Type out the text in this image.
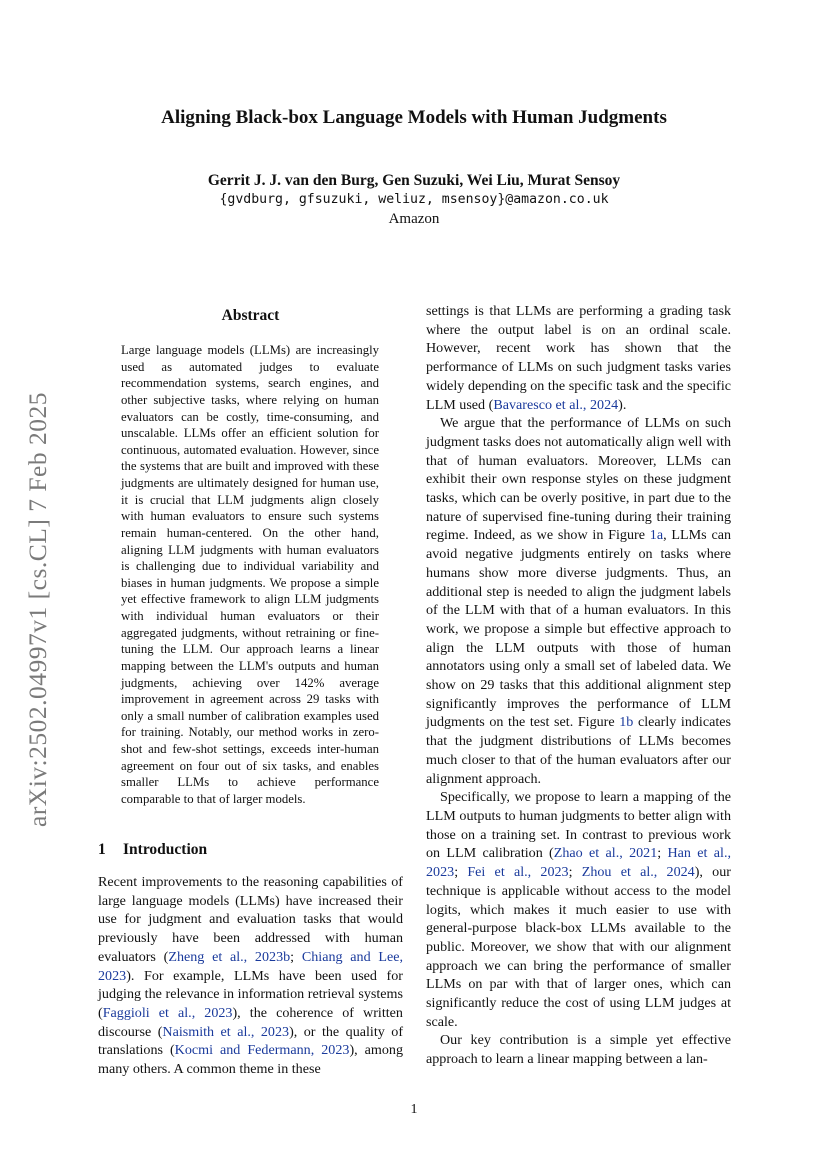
arXiv:2502.04997v1 [cs.CL] 7 Feb 2025
Aligning Black-box Language Models with Human Judgments
Gerrit J. J. van den Burg, Gen Suzuki, Wei Liu, Murat Sensoy
{gvdburg, gfsuzuki, weliuz, msensoy}@amazon.co.uk
Amazon
Abstract

Large language models (LLMs) are increasingly used as automated judges to evaluate recommendation systems, search engines, and other subjective tasks, where relying on human evaluators can be costly, time-consuming, and unscalable. LLMs offer an efficient solution for continuous, automated evaluation. However, since the systems that are built and improved with these judgments are ultimately designed for human use, it is crucial that LLM judgments align closely with human evaluators to ensure such systems remain human-centered. On the other hand, aligning LLM judgments with human evaluators is challenging due to individual variability and biases in human judgments. We propose a simple yet effective framework to align LLM judgments with individual human evaluators or their aggregated judgments, without retraining or fine-tuning the LLM. Our approach learns a linear mapping between the LLM's outputs and human judgments, achieving over 142% average improvement in agreement across 29 tasks with only a small number of calibration examples used for training. Notably, our method works in zero-shot and few-shot settings, exceeds inter-human agreement on four out of six tasks, and enables smaller LLMs to achieve performance comparable to that of larger models.

1 Introduction

Recent improvements to the reasoning capabilities of large language models (LLMs) have increased their use for judgment and evaluation tasks that would previously have been addressed with human evaluators (Zheng et al., 2023b; Chiang and Lee, 2023). For example, LLMs have been used for judging the relevance in information retrieval systems (Faggioli et al., 2023), the coherence of written discourse (Naismith et al., 2023), or the quality of translations (Kocmi and Federmann, 2023), among many others. A common theme in these

settings is that LLMs are performing a grading task where the output label is on an ordinal scale. However, recent work has shown that the performance of LLMs on such judgment tasks varies widely depending on the specific task and the specific LLM used (Bavaresco et al., 2024).

We argue that the performance of LLMs on such judgment tasks does not automatically align well with that of human evaluators. Moreover, LLMs can exhibit their own response styles on these judgment tasks, which can be overly positive, in part due to the nature of supervised fine-tuning during their training regime. Indeed, as we show in Figure 1a, LLMs can avoid negative judgments entirely on tasks where humans show more diverse judgments. Thus, an additional step is needed to align the judgment labels of the LLM with that of a human evaluators. In this work, we propose a simple but effective approach to align the LLM outputs with those of human annotators using only a small set of labeled data. We show on 29 tasks that this additional alignment step significantly improves the performance of LLM judgments on the test set. Figure 1b clearly indicates that the judgment distributions of LLMs becomes much closer to that of the human evaluators after our alignment approach.

Specifically, we propose to learn a mapping of the LLM outputs to human judgments to better align with those on a training set. In contrast to previous work on LLM calibration (Zhao et al., 2021; Han et al., 2023; Fei et al., 2023; Zhou et al., 2024), our technique is applicable without access to the model logits, which makes it much easier to use with general-purpose black-box LLMs available to the public. Moreover, we show that with our alignment approach we can bring the performance of smaller LLMs on par with that of larger ones, which can significantly reduce the cost of using LLM judges at scale.

Our key contribution is a simple yet effective approach to learn a linear mapping between a lan-

1
